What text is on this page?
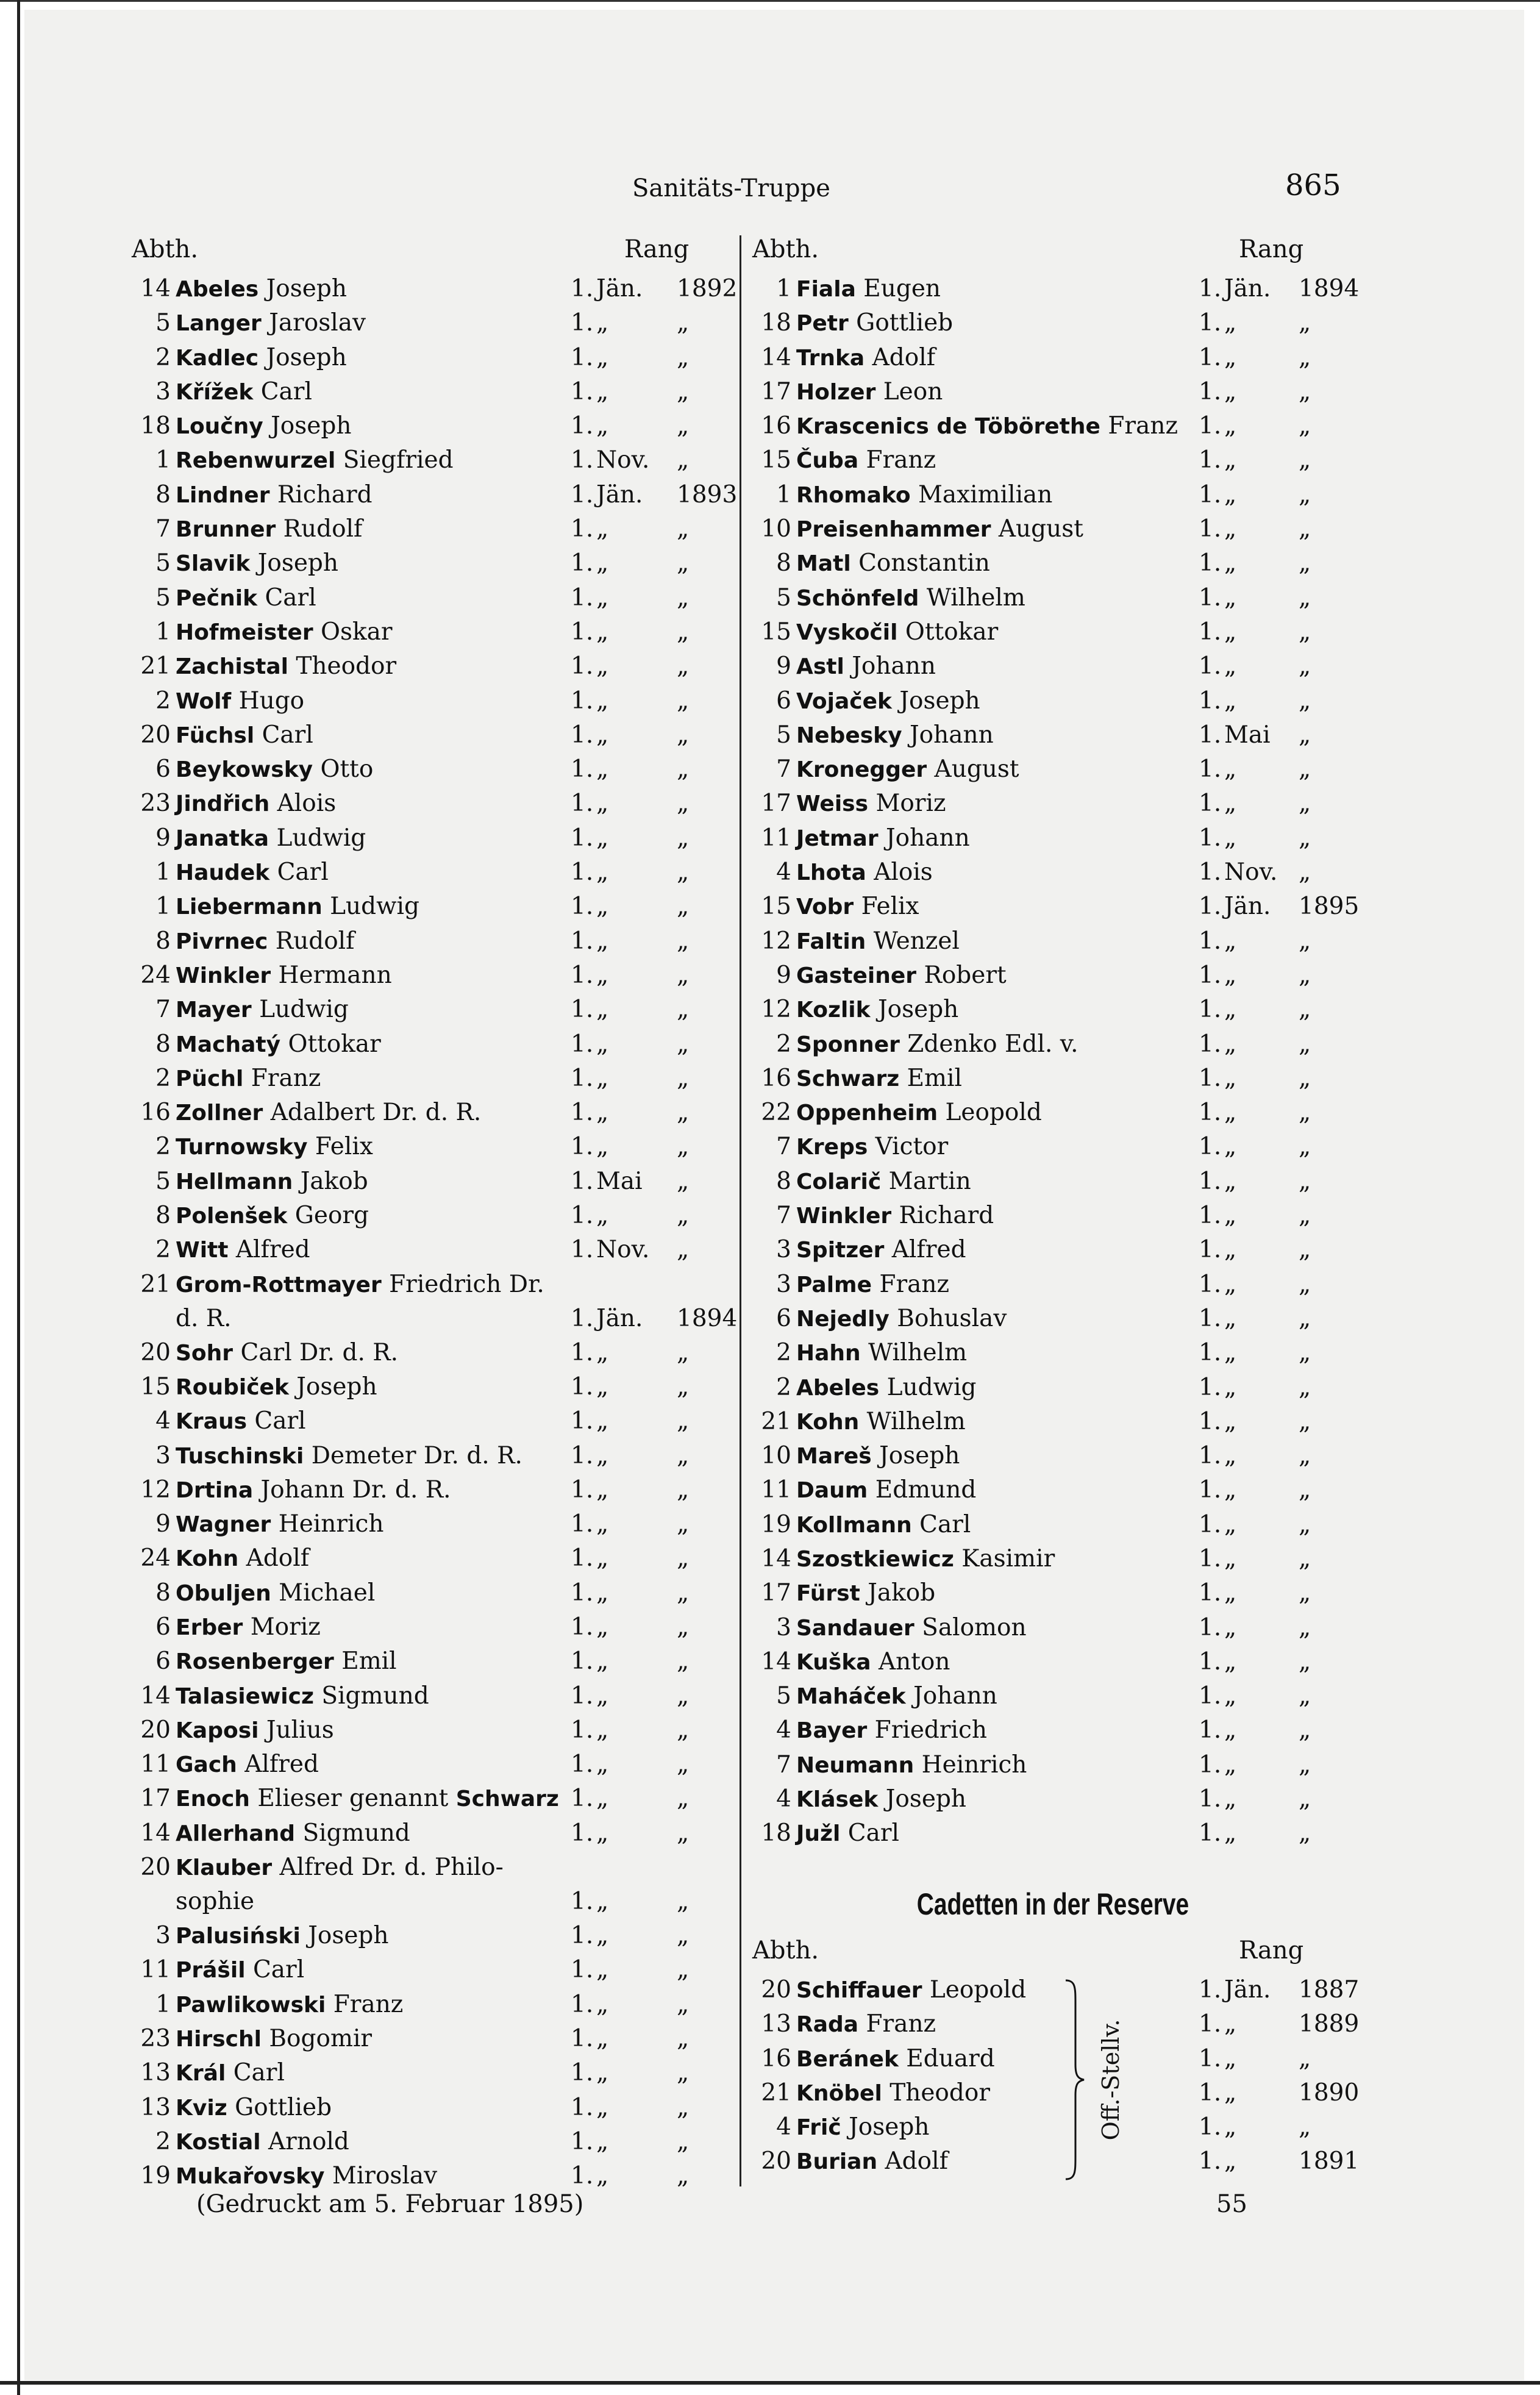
Sanitäts-Truppe	865
Abth.	Rang
14 Abeles Joseph	1. Jän. 1892
5 Langer Jaroslav	1. „	„
2 Kadlec Joseph	1. „	„
3 Křížek Carl	1. „	„
18 Loučny Joseph	1. „	„
1 Rebenwurzel Siegfried	1. Nov. „
8 Lindner Richard	1. Jän. 1893
7 Brunner Rudolf	1. „	„
5 Slavik Joseph	1. „	„
5 Pečnik Carl	1. „	„
1 Hofmeister Oskar	1. „	„
21 Zachistal Theodor	1. „	„
2 Wolf Hugo	1. „	„
20 Füchsl Carl	1. „	„
6 Beykowsky Otto	1. „	„
23 Jindřich Alois	1. „	„
9 Janatka Ludwig	1. „	„
1 Haudek Carl	1. „	„
1 Liebermann Ludwig	1. „	„
8 Pivrnec Rudolf	1. „	„
24 Winkler Hermann	1. „	„
7 Mayer Ludwig	1. „	„
8 Machatý Ottokar	1. „	„
2 Püchl Franz	1. „	„
16 Zollner Adalbert Dr. d. R.	1. „	„
2 Turnowsky Felix	1. „	„
5 Hellmann Jakob	1. Mai „
8 Polenšek Georg	1. „	„
2 Witt Alfred	1. Nov. „
21 Grom-Rottmayer Friedrich Dr.
d. R.	1. Jän. 1894
20 Sohr Carl Dr. d. R.	1. „	„
15 Roubiček Joseph	1. „	„
4 Kraus Carl	1. „	„
3 Tuschinski Demeter Dr. d. R. 1. „	„
12 Drtina Johann Dr. d. R.	1. „	„
9 Wagner Heinrich	1. „	„
24 Kohn Adolf	1. „	„
8 Obuljen Michael	1. „	„
6 Erber Moriz	1. „	„
6 Rosenberger Emil	1. „	„
14 Talasiewicz Sigmund	1. „	„
20 Kaposi Julius	1. „	„
11 Gach Alfred	1. „	„
17 Enoch Elieser genannt Schwarz 1. „	„
14 Allerhand Sigmund	1. „	„
20 Klauber Alfred Dr. d. Philo-
sophie	1. „	„
3 Palusiński Joseph	1. „	„
11 Prášil Carl	1. „	„
1 Pawlikowski Franz	1. „	„
23 Hirschl Bogomir	1. „	„
13 Král Carl	1. „	„
13 Kviz Gottlieb	1. „	„
2 Kostial Arnold	1. „	„
19 Mukařovsky Miroslav	1. „	„
Abth.	Rang
1 Fiala Eugen	1. Jän. 1894
18 Petr Gottlieb	1. „	„
14 Trnka Adolf	1. „	„
17 Holzer Leon	1. „	„
16 Krascenics de Töbörethe Franz 1. „	„
15 Čuba Franz	1. „	„
1 Rhomako Maximilian	1. „	„
10 Preisenhammer August	1. „	„
8 Matl Constantin	1. „	„
5 Schönfeld Wilhelm	1. „	„
15 Vyskočil Ottokar	1. „	„
9 Astl Johann	1. „	„
6 Vojaček Joseph	1. „	„
5 Nebesky Johann	1. Mai „
7 Kronegger August	1. „	„
17 Weiss Moriz	1. „	„
11 Jetmar Johann	1. „	„
4 Lhota Alois	1. Nov. „
15 Vobr Felix	1. Jän. 1895
12 Faltin Wenzel	1. „	„
9 Gasteiner Robert	1. „	„
12 Kozlik Joseph	1. „	„
2 Sponner Zdenko Edl. v.	1. „	„
16 Schwarz Emil	1. „	„
22 Oppenheim Leopold	1. „	„
7 Kreps Victor	1. „	„
8 Colarič Martin	1. „	„
7 Winkler Richard	1. „	„
3 Spitzer Alfred	1. „	„
3 Palme Franz	1. „	„
6 Nejedly Bohuslav	1. „	„
2 Hahn Wilhelm	1. „	„
2 Abeles Ludwig	1. „	„
21 Kohn Wilhelm	1. „	„
10 Mareš Joseph	1. „	„
11 Daum Edmund	1. „	„
19 Kollmann Carl	1. „	„
14 Szostkiewicz Kasimir	1. „	„
17 Fürst Jakob	1. „	„
3 Sandauer Salomon	1. „	„
14 Kuška Anton	1. „	„
5 Maháček Johann	1. „	„
4 Bayer Friedrich	1. „	„
7 Neumann Heinrich	1. „	„
4 Klásek Joseph	1. „	„
18 Južl Carl	1. „	„
Cadetten in der Reserve
Abth.	Rang
20 Schiffauer Leopold	1. Jän. 1887
13 Rada Franz	1. „	1889
16 Beránek Eduard	1. „	„
21 Knöbel Theodor	1. „	1890
4 Frič Joseph	1. „	„
20 Burian Adolf	1. „	1891
Off.-Stellv.
(Gedruckt am 5. Februar 1895)	55
